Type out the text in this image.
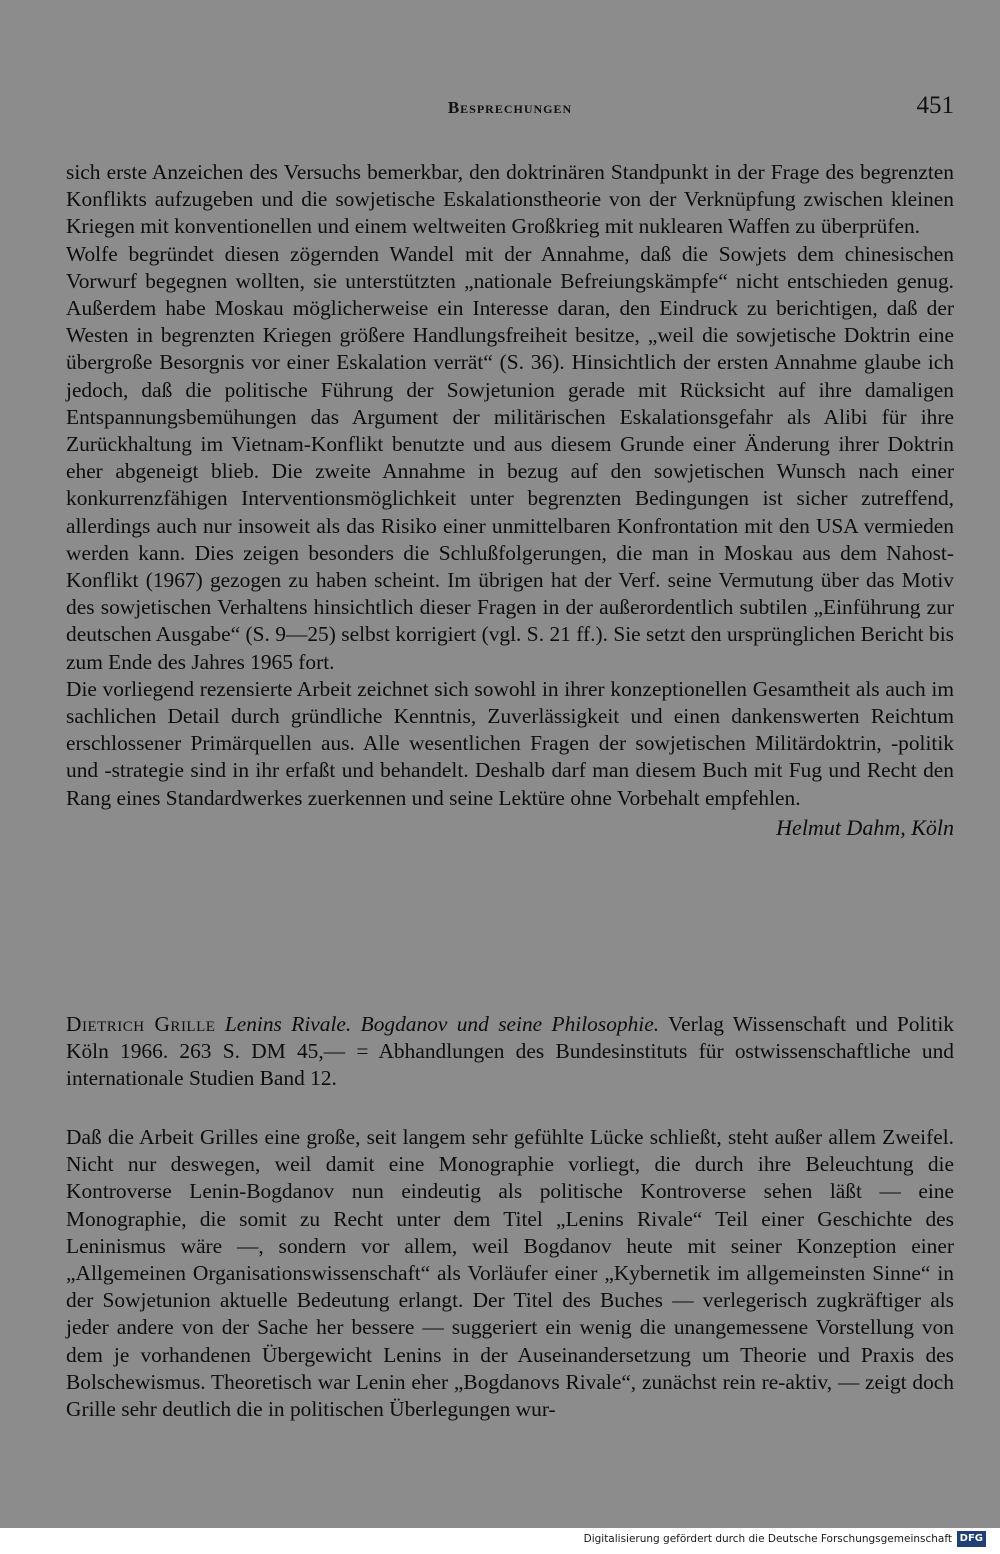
Besprechungen	451

sich erste Anzeichen des Versuchs bemerkbar, den doktrinären Standpunkt in der Frage des begrenzten Konflikts aufzugeben und die sowjetische Eskalationstheorie von der Verknüpfung zwischen kleinen Kriegen mit konventionellen und einem weltweiten Großkrieg mit nuklearen Waffen zu überprüfen.

Wolfe begründet diesen zögernden Wandel mit der Annahme, daß die Sowjets dem chinesischen Vorwurf begegnen wollten, sie unterstützten „nationale Befreiungskämpfe“ nicht entschieden genug. Außerdem habe Moskau möglicherweise ein Interesse daran, den Eindruck zu berichtigen, daß der Westen in begrenzten Kriegen größere Handlungsfreiheit besitze, „weil die sowjetische Doktrin eine übergroße Besorgnis vor einer Eskalation verrät“ (S. 36). Hinsichtlich der ersten Annahme glaube ich jedoch, daß die politische Führung der Sowjetunion gerade mit Rücksicht auf ihre damaligen Entspannungsbemühungen das Argument der militärischen Eskalationsgefahr als Alibi für ihre Zurückhaltung im Vietnam-Konflikt benutzte und aus diesem Grunde einer Änderung ihrer Doktrin eher abgeneigt blieb. Die zweite Annahme in bezug auf den sowjetischen Wunsch nach einer konkurrenzfähigen Interventionsmöglichkeit unter begrenzten Bedingungen ist sicher zutreffend, allerdings auch nur insoweit als das Risiko einer unmittelbaren Konfrontation mit den USA vermieden werden kann. Dies zeigen besonders die Schlußfolgerungen, die man in Moskau aus dem Nahost-Konflikt (1967) gezogen zu haben scheint. Im übrigen hat der Verf. seine Vermutung über das Motiv des sowjetischen Verhaltens hinsichtlich dieser Fragen in der außerordentlich subtilen „Einführung zur deutschen Ausgabe“ (S. 9—25) selbst korrigiert (vgl. S. 21 ff.). Sie setzt den ursprünglichen Bericht bis zum Ende des Jahres 1965 fort.

Die vorliegend rezensierte Arbeit zeichnet sich sowohl in ihrer konzeptionellen Gesamtheit als auch im sachlichen Detail durch gründliche Kenntnis, Zuverlässigkeit und einen dankenswerten Reichtum erschlossener Primärquellen aus. Alle wesentlichen Fragen der sowjetischen Militärdoktrin, -politik und -strategie sind in ihr erfaßt und behandelt. Deshalb darf man diesem Buch mit Fug und Recht den Rang eines Standardwerkes zuerkennen und seine Lektüre ohne Vorbehalt empfehlen.

Helmut Dahm, Köln

Dietrich Grille Lenins Rivale. Bogdanov und seine Philosophie. Verlag Wissenschaft und Politik Köln 1966. 263 S. DM 45,— = Abhandlungen des Bundesinstituts für ostwissenschaftliche und internationale Studien Band 12.

Daß die Arbeit Grilles eine große, seit langem sehr gefühlte Lücke schließt, steht außer allem Zweifel. Nicht nur deswegen, weil damit eine Monographie vorliegt, die durch ihre Beleuchtung die Kontroverse Lenin-Bogdanov nun eindeutig als politische Kontroverse sehen läßt — eine Monographie, die somit zu Recht unter dem Titel „Lenins Rivale“ Teil einer Geschichte des Leninismus wäre —, sondern vor allem, weil Bogdanov heute mit seiner Konzeption einer „Allgemeinen Organisationswissenschaft“ als Vorläufer einer „Kybernetik im allgemeinsten Sinne“ in der Sowjetunion aktuelle Bedeutung erlangt. Der Titel des Buches — verlegerisch zugkräftiger als jeder andere von der Sache her bessere — suggeriert ein wenig die unangemessene Vorstellung von dem je vorhandenen Übergewicht Lenins in der Auseinandersetzung um Theorie und Praxis des Bolschewismus. Theoretisch war Lenin eher „Bogdanovs Rivale“, zunächst rein re-aktiv, — zeigt doch Grille sehr deutlich die in politischen Überlegungen wur-

Digitalisierung gefördert durch die Deutsche Forschungsgemeinschaft DFG
